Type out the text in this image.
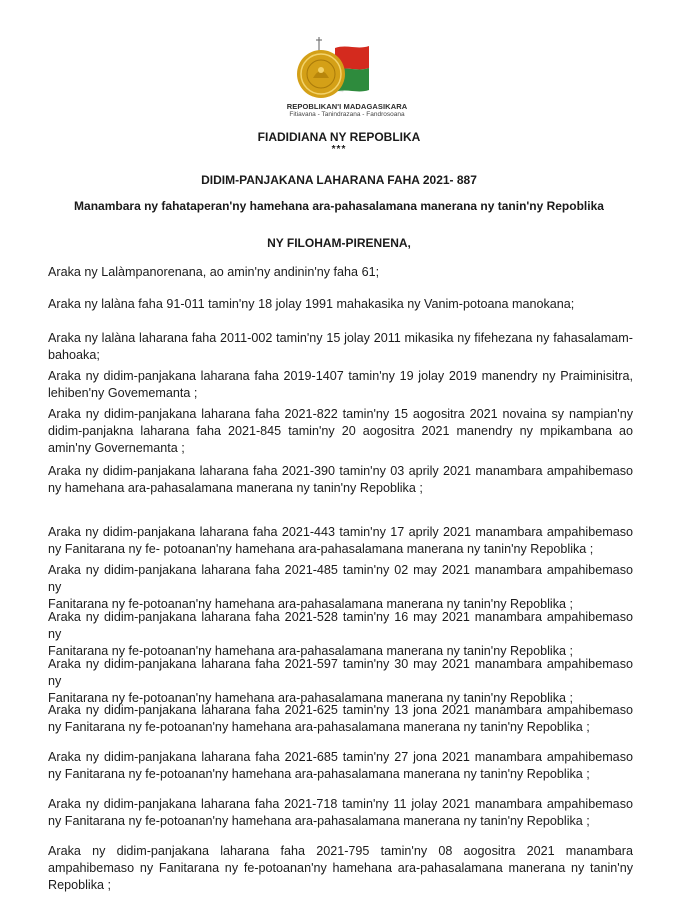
REPOBLIKAN'I MADAGASIKARA
Fitiavana - Tanindrazana - Fandrosoana
FIADIDIANA NY REPOBLIKA
***
DIDIM-PANJAKANA LAHARANA FAHA 2021- 887
Manambara ny fahataperan'ny hamehana ara-pahasalamana manerana ny tanin'ny Repoblika
NY FILOHAM-PIRENENA,
Araka ny Lalàmpanorenana, ao amin'ny andinin'ny faha 61;
Araka ny lalàna faha 91-011 tamin'ny 18 jolay 1991 mahakasika ny Vanim-potoana manokana;
Araka ny lalàna laharana faha 2011-002 tamin'ny 15 jolay 2011 mikasika ny fifehezana ny fahasalamam-
bahoaka;
Araka ny didim-panjakana laharana faha 2019-1407 tamin'ny 19 jolay 2019 manendry ny Praiminisitra,
lehiben'ny Govememanta ;
Araka ny didim-panjakana laharana faha 2021-822 tamin'ny 15 aogositra 2021 novaina sy nampian'ny
didim-panjakna laharana faha 2021-845 tamin'ny 20 aogositra 2021 manendry ny mpikambana ao
amin'ny Governemanta ;
Araka ny didim-panjakana laharana faha 2021-390 tamin'ny 03 aprily 2021 manambara ampahibemaso
ny hamehana ara-pahasalamana manerana ny tanin'ny Repoblika ;
Araka ny didim-panjakana laharana faha 2021-443 tamin'ny 17 aprily 2021 manambara ampahibemaso
ny Fanitarana ny fe- potoanan'ny hamehana ara-pahasalamana manerana ny tanin'ny Repoblika ;
Araka ny didim-panjakana laharana faha 2021-485 tamin'ny 02 may 2021 manambara ampahibemaso ny
Fanitarana ny fe-potoanan'ny hamehana ara-pahasalamana manerana ny tanin'ny Repoblika ;
Araka ny didim-panjakana laharana faha 2021-528 tamin'ny 16 may 2021 manambara ampahibemaso ny
Fanitarana ny fe-potoanan'ny hamehana ara-pahasalamana manerana ny tanin'ny Repoblika ;
Araka ny didim-panjakana laharana faha 2021-597 tamin'ny 30 may 2021 manambara ampahibemaso ny
Fanitarana ny fe-potoanan'ny hamehana ara-pahasalamana manerana ny tanin'ny Repoblika ;
Araka ny didim-panjakana laharana faha 2021-625 tamin'ny 13 jona 2021 manambara ampahibemaso
ny Fanitarana ny fe-potoanan'ny hamehana ara-pahasalamana manerana ny tanin'ny Repoblika ;
Araka ny didim-panjakana laharana faha 2021-685 tamin'ny 27 jona 2021 manambara ampahibemaso
ny Fanitarana ny fe-potoanan'ny hamehana ara-pahasalamana manerana ny tanin'ny Repoblika ;
Araka ny didim-panjakana laharana faha 2021-718 tamin'ny 11 jolay 2021 manambara ampahibemaso
ny Fanitarana ny fe-potoanan'ny hamehana ara-pahasalamana manerana ny tanin'ny Repoblika ;
Araka ny didim-panjakana laharana faha 2021-795 tamin'ny 08 aogositra 2021 manambara
ampahibemaso ny Fanitarana ny fe-potoanan'ny hamehana ara-pahasalamana manerana ny tanin'ny
Repoblika ;
